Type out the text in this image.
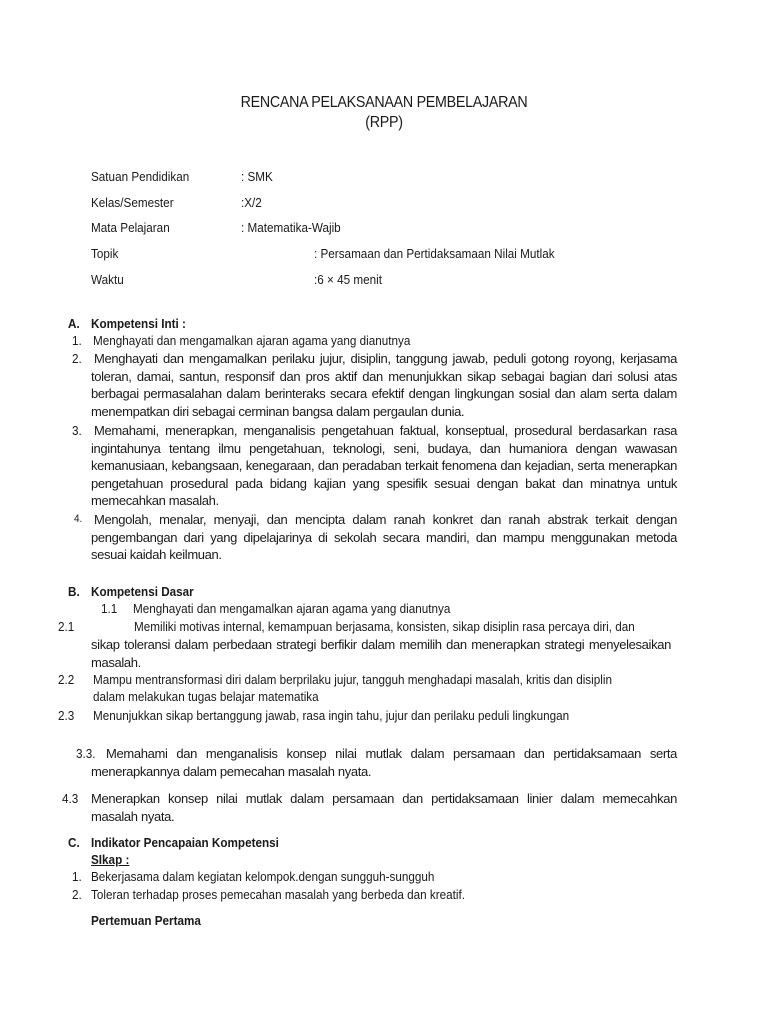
RENCANA PELAKSANAAN PEMBELAJARAN
(RPP)
Satuan Pendidikan	: SMK
Kelas/Semester	:X/2
Mata Pelajaran	: Matematika-Wajib
Topik	: Persamaan dan Pertidaksamaan Nilai Mutlak
Waktu	:6 × 45 menit
A. Kompetensi Inti :
1. Menghayati dan mengamalkan ajaran agama yang dianutnya
2. Menghayati dan mengamalkan perilaku jujur, disiplin, tanggung jawab, peduli gotong royong, kerjasama toleran, damai, santun, responsif dan pros aktif dan menunjukkan sikap sebagai bagian dari solusi atas berbagai permasalahan dalam berinteraks secara efektif dengan lingkungan sosial dan alam serta dalam menempatkan diri sebagai cerminan bangsa dalam pergaulan dunia.
3. Memahami, menerapkan, menganalisis pengetahuan faktual, konseptual, prosedural berdasarkan rasa ingintahunya tentang ilmu pengetahuan, teknologi, seni, budaya, dan humaniora dengan wawasan kemanusiaan, kebangsaan, kenegaraan, dan peradaban terkait fenomena dan kejadian, serta menerapkan pengetahuan prosedural pada bidang kajian yang spesifik sesuai dengan bakat dan minatnya untuk memecahkan masalah.
4. Mengolah, menalar, menyaji, dan mencipta dalam ranah konkret dan ranah abstrak terkait dengan pengembangan dari yang dipelajarinya di sekolah secara mandiri, dan mampu menggunakan metoda sesuai kaidah keilmuan.
B. Kompetensi Dasar
1.1 Menghayati dan mengamalkan ajaran agama yang dianutnya
2.1	Memiliki motivas internal, kemampuan berjasama, konsisten, sikap disiplin rasa percaya diri, dan
sikap toleransi dalam perbedaan strategi berfikir dalam memilih dan menerapkan strategi menyelesaikan masalah.
2.2 Mampu mentransformasi diri dalam berprilaku jujur, tangguh menghadapi masalah, kritis dan disiplin
dalam melakukan tugas belajar matematika
2.3 Menunjukkan sikap bertanggung jawab, rasa ingin tahu, jujur dan perilaku peduli lingkungan
3.3. Memahami dan menganalisis konsep nilai mutlak dalam persamaan dan pertidaksamaan serta menerapkannya dalam pemecahan masalah nyata.
4.3 Menerapkan konsep nilai mutlak dalam persamaan dan pertidaksamaan linier dalam memecahkan masalah nyata.
C. Indikator Pencapaian Kompetensi
SIkap :
1. Bekerjasama dalam kegiatan kelompok.dengan sungguh-sungguh
2. Toleran terhadap proses pemecahan masalah yang berbeda dan kreatif.
Pertemuan Pertama
